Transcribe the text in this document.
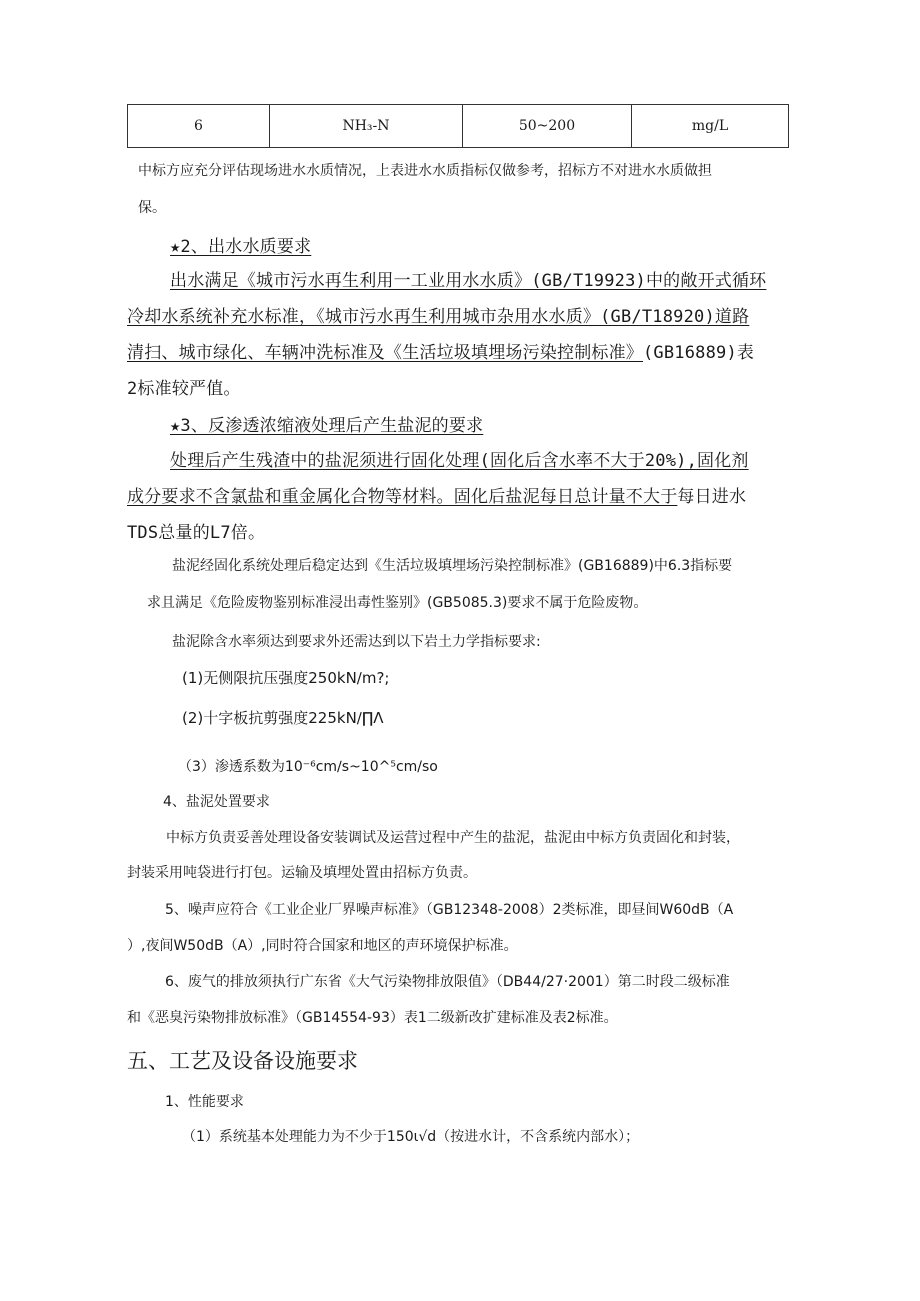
6	NH₃-N	50~200	mg/L
中标方应充分评估现场进水水质情况，上表进水水质指标仅做参考，招标方不对进水水质做担
保。
★2、出水水质要求
出水满足《城市污水再生利用一工业用水水质》(GB/T19923)中的敞开式循环
冷却水系统补充水标准，《城市污水再生利用城市杂用水水质》(GB/T18920)道路
清扫、城市绿化、车辆冲洗标准及《生活垃圾填埋场污染控制标准》(GB16889)表
2标准较严值。
★3、反渗透浓缩液处理后产生盐泥的要求
处理后产生残渣中的盐泥须进行固化处理(固化后含水率不大于20%),固化剂
成分要求不含氯盐和重金属化合物等材料。固化后盐泥每日总计量不大于每日进水
TDS总量的L7倍。
盐泥经固化系统处理后稳定达到《生活垃圾填埋场污染控制标准》(GB16889)中6.3指标要
求且满足《危险废物鉴别标准浸出毒性鉴别》(GB5085.3)要求不属于危险废物。
盐泥除含水率须达到要求外还需达到以下岩土力学指标要求:
(1)无侧限抗压强度250kN∕m?;
(2)十字板抗剪强度225kN∕∏Λ
（3）渗透系数为10⁻⁶cm∕s~10^⁵cm/so
4、盐泥处置要求
中标方负责妥善处理设备安装调试及运营过程中产生的盐泥，盐泥由中标方负责固化和封装，
封装采用吨袋进行打包。运输及填埋处置由招标方负责。
5、噪声应符合《工业企业厂界噪声标准》（GB12348-2008）2类标准，即昼间W60dB（A
）,夜间W50dB（A）,同时符合国家和地区的声环境保护标准。
6、废气的排放须执行广东省《大气污染物排放限值》（DB44∕27·2001）第二时段二级标准
和《恶臭污染物排放标准》（GB14554-93）表1二级新改扩建标准及表2标准。
五、工艺及设备设施要求
1、性能要求
（1）系统基本处理能力为不少于150ι√d（按进水计，不含系统内部水）；
